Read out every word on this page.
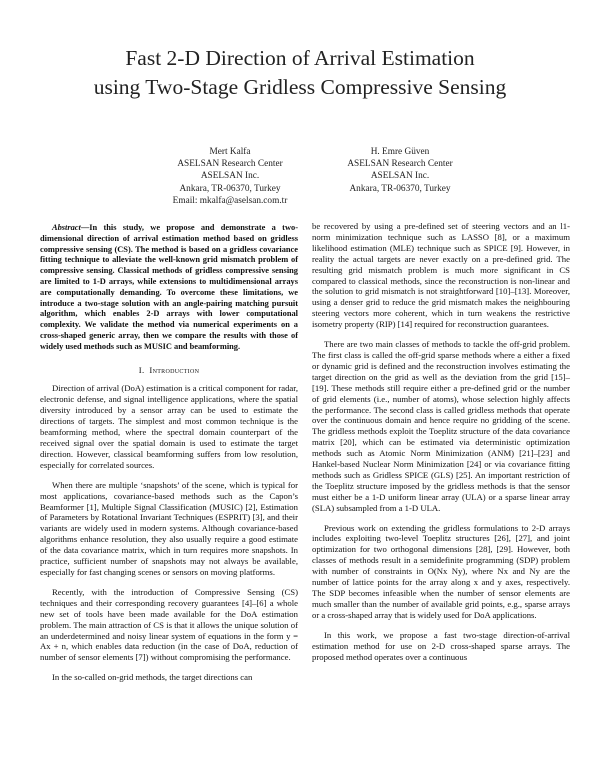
Fast 2-D Direction of Arrival Estimation
using Two-Stage Gridless Compressive Sensing
Mert Kalfa
ASELSAN Research Center
ASELSAN Inc.
Ankara, TR-06370, Turkey
Email: mkalfa@aselsan.com.tr
H. Emre Güven
ASELSAN Research Center
ASELSAN Inc.
Ankara, TR-06370, Turkey

Abstract—In this study, we propose and demonstrate a two-dimensional direction of arrival estimation method based on gridless compressive sensing (CS). The method is based on a gridless covariance fitting technique to alleviate the well-known grid mismatch problem of compressive sensing. Classical methods of gridless compressive sensing are limited to 1-D arrays, while extensions to multidimensional arrays are computationally demanding. To overcome these limitations, we introduce a two-stage solution with an angle-pairing matching pursuit algorithm, which enables 2-D arrays with lower computational complexity. We validate the method via numerical experiments on a cross-shaped generic array, then we compare the results with those of widely used methods such as MUSIC and beamforming.

I. Introduction

Direction of arrival (DoA) estimation is a critical component for radar, electronic defense, and signal intelligence applications, where the spatial diversity introduced by a sensor array can be used to estimate the directions of targets. The simplest and most common technique is the beamforming method, where the spectral domain counterpart of the received signal over the spatial domain is used to estimate the target direction. However, classical beamforming suffers from low resolution, especially for correlated sources.

When there are multiple ‘snapshots’ of the scene, which is typical for most applications, covariance-based methods such as the Capon’s Beamformer [1], Multiple Signal Classification (MUSIC) [2], Estimation of Parameters by Rotational Invariant Techniques (ESPRIT) [3], and their variants are widely used in modern systems. Although covariance-based algorithms enhance resolution, they also usually require a good estimate of the data covariance matrix, which in turn requires more snapshots. In practice, sufficient number of snapshots may not always be available, especially for fast changing scenes or sensors on moving platforms.

Recently, with the introduction of Compressive Sensing (CS) techniques and their corresponding recovery guarantees [4]–[6] a whole new set of tools have been made available for the DoA estimation problem. The main attraction of CS is that it allows the unique solution of an underdetermined and noisy linear system of equations in the form y = Ax + n, which enables data reduction (in the case of DoA, reduction of number of sensor elements [7]) without compromising the performance.

In the so-called on-grid methods, the target directions can

be recovered by using a pre-defined set of steering vectors and an l1-norm minimization technique such as LASSO [8], or a maximum likelihood estimation (MLE) technique such as SPICE [9]. However, in reality the actual targets are never exactly on a pre-defined grid. The resulting grid mismatch problem is much more significant in CS compared to classical methods, since the reconstruction is non-linear and the solution to grid mismatch is not straightforward [10]–[13]. Moreover, using a denser grid to reduce the grid mismatch makes the neighbouring steering vectors more coherent, which in turn weakens the restrictive isometry property (RIP) [14] required for reconstruction guarantees.

There are two main classes of methods to tackle the off-grid problem. The first class is called the off-grid sparse methods where a either a fixed or dynamic grid is defined and the reconstruction involves estimating the target direction on the grid as well as the deviation from the grid [15]–[19]. These methods still require either a pre-defined grid or the number of grid elements (i.e., number of atoms), whose selection highly affects the performance. The second class is called gridless methods that operate over the continuous domain and hence require no gridding of the scene. The gridless methods exploit the Toeplitz structure of the data covariance matrix [20], which can be estimated via deterministic optimization methods such as Atomic Norm Minimization (ANM) [21]–[23] and Hankel-based Nuclear Norm Minimization [24] or via covariance fitting methods such as Gridless SPICE (GLS) [25]. An important restriction of the Toeplitz structure imposed by the gridless methods is that the sensor must either be a 1-D uniform linear array (ULA) or a sparse linear array (SLA) subsampled from a 1-D ULA.

Previous work on extending the gridless formulations to 2-D arrays includes exploiting two-level Toeplitz structures [26], [27], and joint optimization for two orthogonal dimensions [28], [29]. However, both classes of methods result in a semidefinite programming (SDP) problem with number of constraints in O(Nx Ny), where Nx and Ny are the number of lattice points for the array along x and y axes, respectively. The SDP becomes infeasible when the number of sensor elements are much smaller than the number of available grid points, e.g., sparse arrays or a cross-shaped array that is widely used for DoA applications.

In this work, we propose a fast two-stage direction-of-arrival estimation method for use on 2-D cross-shaped sparse arrays. The proposed method operates over a continuous
